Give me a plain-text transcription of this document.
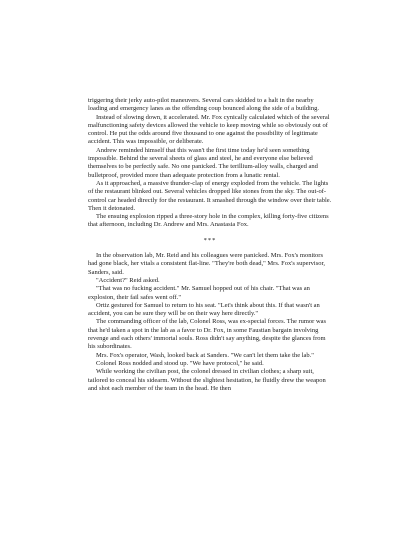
triggering their jerky auto-pilot maneuvers. Several cars skidded to a halt in the nearby loading and emergency lanes as the offending coup bounced along the side of a building.

Instead of slowing down, it accelerated. Mr. Fox cynically calculated which of the several malfunctioning safety devices allowed the vehicle to keep moving while so obviously out of control. He put the odds around five thousand to one against the possibility of legitimate accident. This was impossible, or deliberate.

Andrew reminded himself that this wasn't the first time today he'd seen something impossible. Behind the several sheets of glass and steel, he and everyone else believed themselves to be perfectly safe. No one panicked. The terillium-alloy walls, charged and bulletproof, provided more than adequate protection from a lunatic rental.

As it approached, a massive thunder-clap of energy exploded from the vehicle. The lights of the restaurant blinked out. Several vehicles dropped like stones from the sky. The out-of-control car headed directly for the restaurant. It smashed through the window over their table. Then it detonated.

The ensuing explosion ripped a three-story hole in the complex, killing forty-five citizens that afternoon, including Dr. Andrew and Mrs. Anastasia Fox.

***

In the observation lab, Mr. Reid and his colleagues were panicked. Mrs. Fox's monitors had gone black, her vitals a consistent flat-line. "They're both dead," Mrs. Fox's supervisor, Sanders, said.

"Accident?" Reid asked.

"That was no fucking accident." Mr. Samuel hopped out of his chair. "That was an explosion, their fail safes went off."

Ortiz gestured for Samuel to return to his seat. "Let's think about this. If that wasn't an accident, you can be sure they will be on their way here directly."

The commanding officer of the lab, Colonel Ross, was ex-special forces. The rumor was that he'd taken a spot in the lab as a favor to Dr. Fox, in some Faustian bargain involving revenge and each others' immortal souls. Ross didn't say anything, despite the glances from his subordinates.

Mrs. Fox's operator, Wash, looked back at Sanders. "We can't let them take the lab."

Colonel Ross nodded and stood up. "We have protocol," he said.

While working the civilian post, the colonel dressed in civilian clothes; a sharp suit, tailored to conceal his sidearm. Without the slightest hesitation, he fluidly drew the weapon and shot each member of the team in the head. He then
